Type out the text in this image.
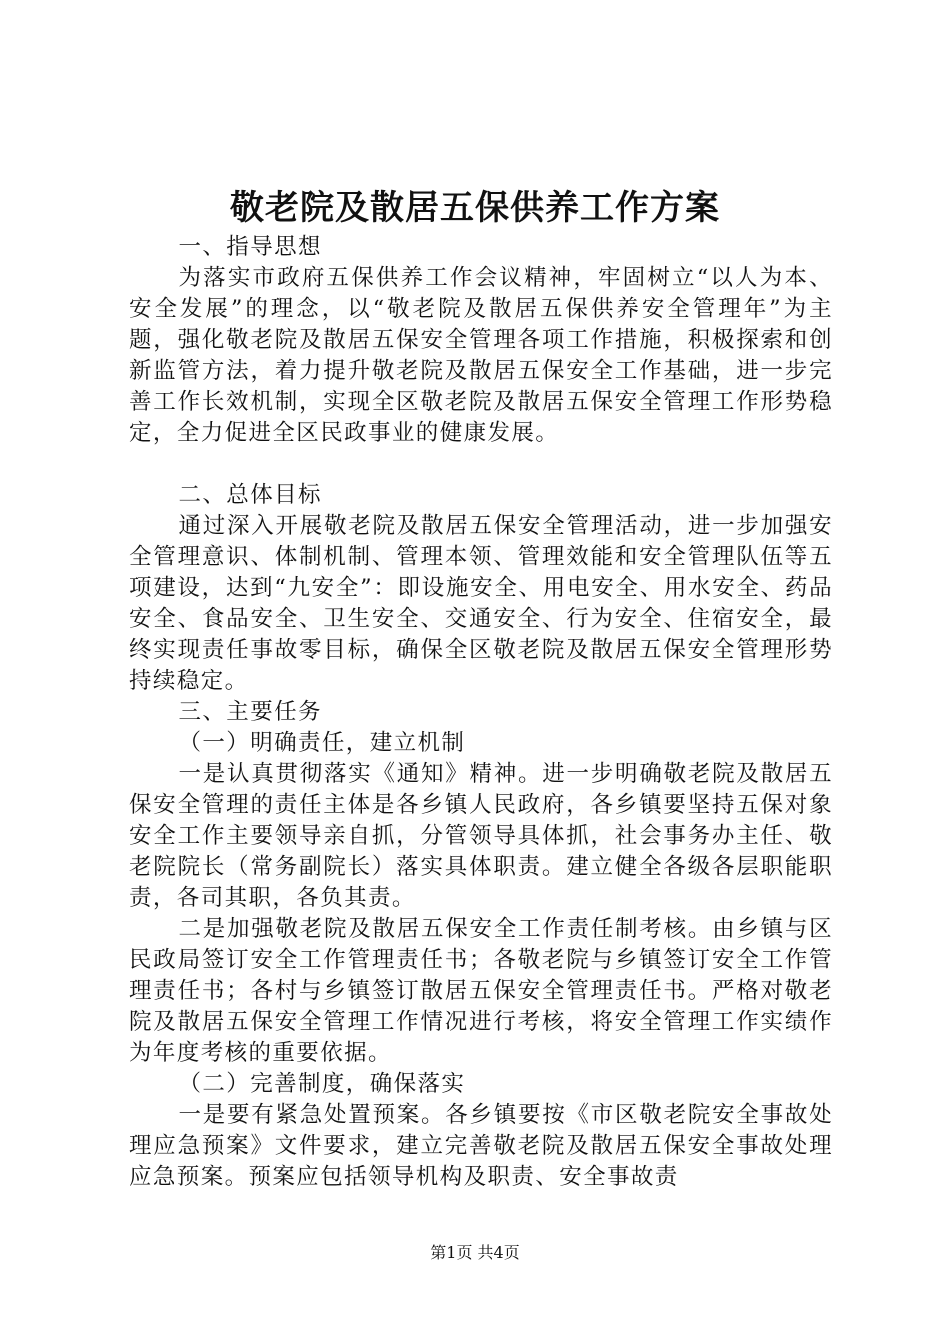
敬老院及散居五保供养工作方案

一、指导思想

为落实市政府五保供养工作会议精神，牢固树立“以人为本、安全发展”的理念，以“敬老院及散居五保供养安全管理年”为主题，强化敬老院及散居五保安全管理各项工作措施，积极探索和创新监管方法，着力提升敬老院及散居五保安全工作基础，进一步完善工作长效机制，实现全区敬老院及散居五保安全管理工作形势稳定，全力促进全区民政事业的健康发展。

二、总体目标

通过深入开展敬老院及散居五保安全管理活动，进一步加强安全管理意识、体制机制、管理本领、管理效能和安全管理队伍等五项建设，达到“九安全”：即设施安全、用电安全、用水安全、药品安全、食品安全、卫生安全、交通安全、行为安全、住宿安全，最终实现责任事故零目标，确保全区敬老院及散居五保安全管理形势持续稳定。

三、主要任务

（一）明确责任，建立机制

一是认真贯彻落实《通知》精神。进一步明确敬老院及散居五保安全管理的责任主体是各乡镇人民政府，各乡镇要坚持五保对象安全工作主要领导亲自抓，分管领导具体抓，社会事务办主任、敬老院院长（常务副院长）落实具体职责。建立健全各级各层职能职责，各司其职，各负其责。

二是加强敬老院及散居五保安全工作责任制考核。由乡镇与区民政局签订安全工作管理责任书；各敬老院与乡镇签订安全工作管理责任书；各村与乡镇签订散居五保安全管理责任书。严格对敬老院及散居五保安全管理工作情况进行考核，将安全管理工作实绩作为年度考核的重要依据。

（二）完善制度，确保落实

一是要有紧急处置预案。各乡镇要按《市区敬老院安全事故处理应急预案》文件要求，建立完善敬老院及散居五保安全事故处理应急预案。预案应包括领导机构及职责、安全事故责

第1页 共4页
